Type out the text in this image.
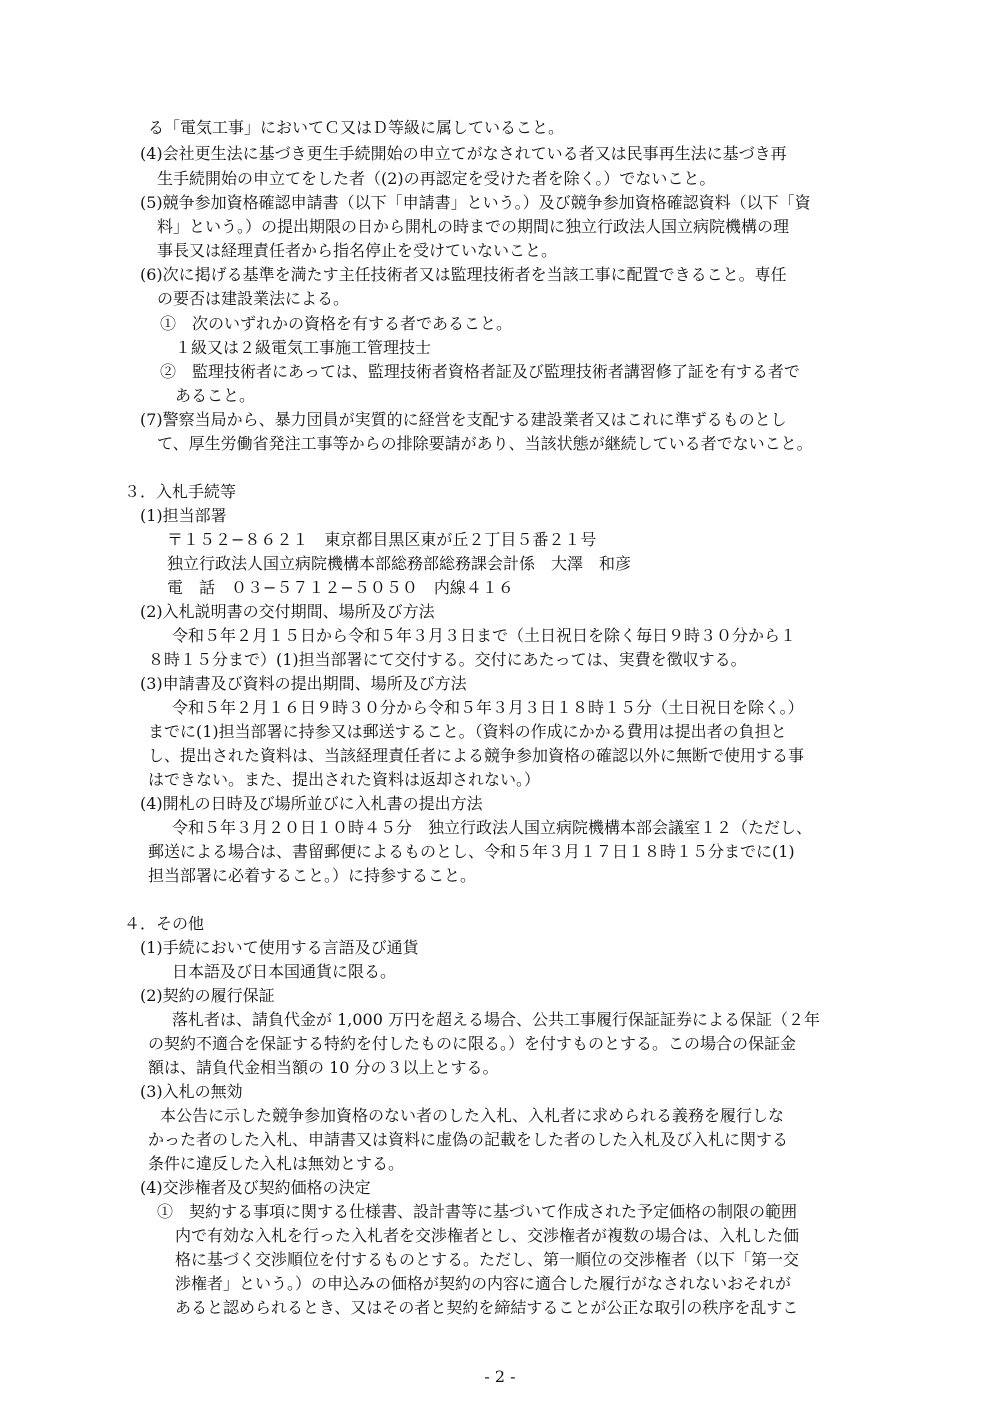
る「電気工事」においてＣ又はＤ等級に属していること。
(4)会社更生法に基づき更生手続開始の申立てがなされている者又は民事再生法に基づき再
生手続開始の申立てをした者（(2)の再認定を受けた者を除く。）でないこと。
(5)競争参加資格確認申請書（以下「申請書」という。）及び競争参加資格確認資料（以下「資
料」という。）の提出期限の日から開札の時までの期間に独立行政法人国立病院機構の理
事長又は経理責任者から指名停止を受けていないこと。
(6)次に掲げる基準を満たす主任技術者又は監理技術者を当該工事に配置できること。専任
の要否は建設業法による。
①　次のいずれかの資格を有する者であること。
１級又は２級電気工事施工管理技士
②　監理技術者にあっては、監理技術者資格者証及び監理技術者講習修了証を有する者で
あること。
(7)警察当局から、暴力団員が実質的に経営を支配する建設業者又はこれに準ずるものとし
て、厚生労働省発注工事等からの排除要請があり、当該状態が継続している者でないこと。
３．入札手続等
(1)担当部署
〒１５２−８６２１　東京都目黒区東が丘２丁目５番２１号
独立行政法人国立病院機構本部総務部総務課会計係　大澤　和彦
電　話　０３−５７１２−５０５０　内線４１６
(2)入札説明書の交付期間、場所及び方法
令和５年２月１５日から令和５年３月３日まで（土日祝日を除く毎日９時３０分から１
８時１５分まで）(1)担当部署にて交付する。交付にあたっては、実費を徴収する。
(3)申請書及び資料の提出期間、場所及び方法
令和５年２月１６日９時３０分から令和５年３月３日１８時１５分（土日祝日を除く。）
までに(1)担当部署に持参又は郵送すること。（資料の作成にかかる費用は提出者の負担と
し、提出された資料は、当該経理責任者による競争参加資格の確認以外に無断で使用する事
はできない。また、提出された資料は返却されない。）
(4)開札の日時及び場所並びに入札書の提出方法
令和５年３月２０日１０時４５分　独立行政法人国立病院機構本部会議室１２（ただし、
郵送による場合は、書留郵便によるものとし、令和５年３月１７日１８時１５分までに(1)
担当部署に必着すること。）に持参すること。
４．その他
(1)手続において使用する言語及び通貨
日本語及び日本国通貨に限る。
(2)契約の履行保証
落札者は、請負代金が 1,000 万円を超える場合、公共工事履行保証証券による保証（２年
の契約不適合を保証する特約を付したものに限る。）を付すものとする。この場合の保証金
額は、請負代金相当額の 10 分の３以上とする。
(3)入札の無効
本公告に示した競争参加資格のない者のした入札、入札者に求められる義務を履行しな
かった者のした入札、申請書又は資料に虚偽の記載をした者のした入札及び入札に関する
条件に違反した入札は無効とする。
(4)交渉権者及び契約価格の決定
①　契約する事項に関する仕様書、設計書等に基づいて作成された予定価格の制限の範囲
内で有効な入札を行った入札者を交渉権者とし、交渉権者が複数の場合は、入札した価
格に基づく交渉順位を付するものとする。ただし、第一順位の交渉権者（以下「第一交
渉権者」という。）の申込みの価格が契約の内容に適合した履行がなされないおそれが
あると認められるとき、又はその者と契約を締結することが公正な取引の秩序を乱すこ
- 2 -
